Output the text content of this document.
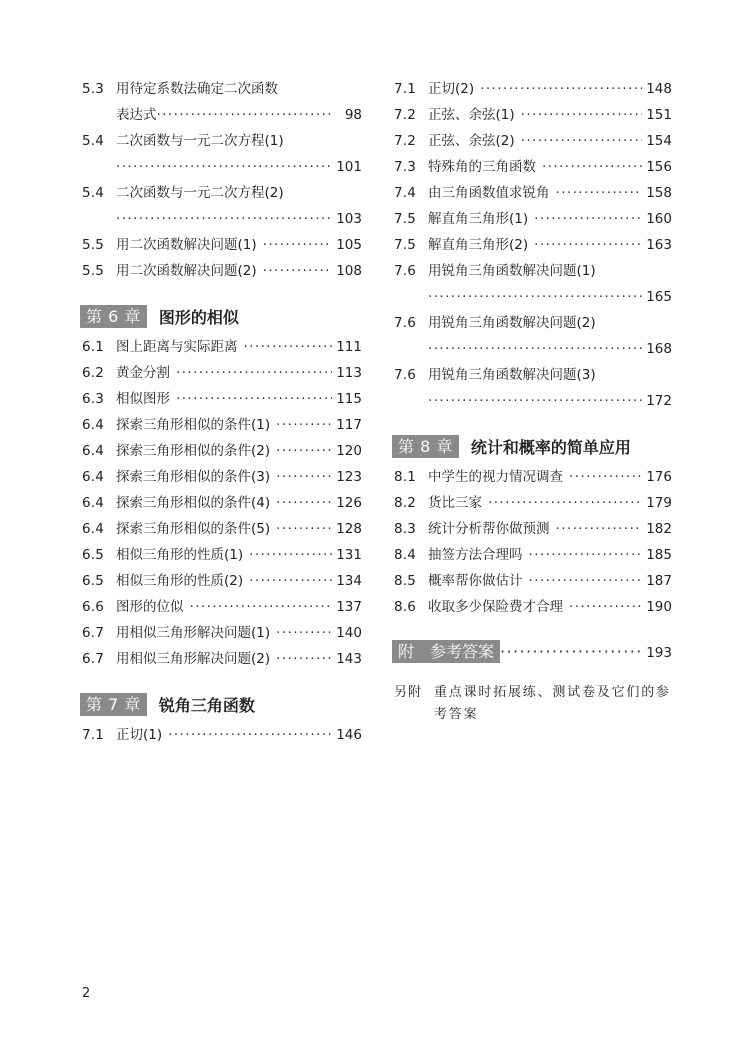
5.3 用待定系数法确定二次函数
表达式 ·····	98
5.4 二次函数与一元二次方程(1)
·····
101
5.4 二次函数与一元二次方程(2)
·····
103
5.5 用二次函数解决问题(1) ·····	105
5.5 用二次函数解决问题(2) ·····	108
第 6 章	图形的相似
6.1 图上距离与实际距离 ·····	111
6.2 黄金分割 ·····	113
6.3 相似图形 ·····	115
6.4 探索三角形相似的条件(1) ·····	117
6.4 探索三角形相似的条件(2) ·····	120
6.4 探索三角形相似的条件(3) ·····	123
6.4 探索三角形相似的条件(4) ·····	126
6.4 探索三角形相似的条件(5) ·····	128
6.5 相似三角形的性质(1) ·····	131
6.5 相似三角形的性质(2) ·····	134
6.6 图形的位似 ·····	137
6.7 用相似三角形解决问题(1) ·····	140
6.7 用相似三角形解决问题(2) ·····	143
第 7 章	锐角三角函数
7.1 正切(1) ·····	146
7.1 正切(2) ·····	148
7.2 正弦、余弦(1) ·····	151
7.2 正弦、余弦(2) ·····	154
7.3 特殊角的三角函数 ·····	156
7.4 由三角函数值求锐角 ·····	158
7.5 解直角三角形(1) ·····	160
7.5 解直角三角形(2) ·····	163
7.6 用锐角三角函数解决问题(1)
·····
165
7.6 用锐角三角函数解决问题(2)
·····
168
7.6 用锐角三角函数解决问题(3)
·····
172
第 8 章	统计和概率的简单应用
8.1 中学生的视力情况调查 ·····	176
8.2 货比三家 ·····	179
8.3 统计分析帮你做预测 ·····	182
8.4 抽签方法合理吗 ·····	185
8.5 概率帮你做估计 ·····	187
8.6 收取多少保险费才合理 ·····	190
附　参考答案 ·····	193
另附 重点课时拓展练、测试卷及它们的参考答案
2
